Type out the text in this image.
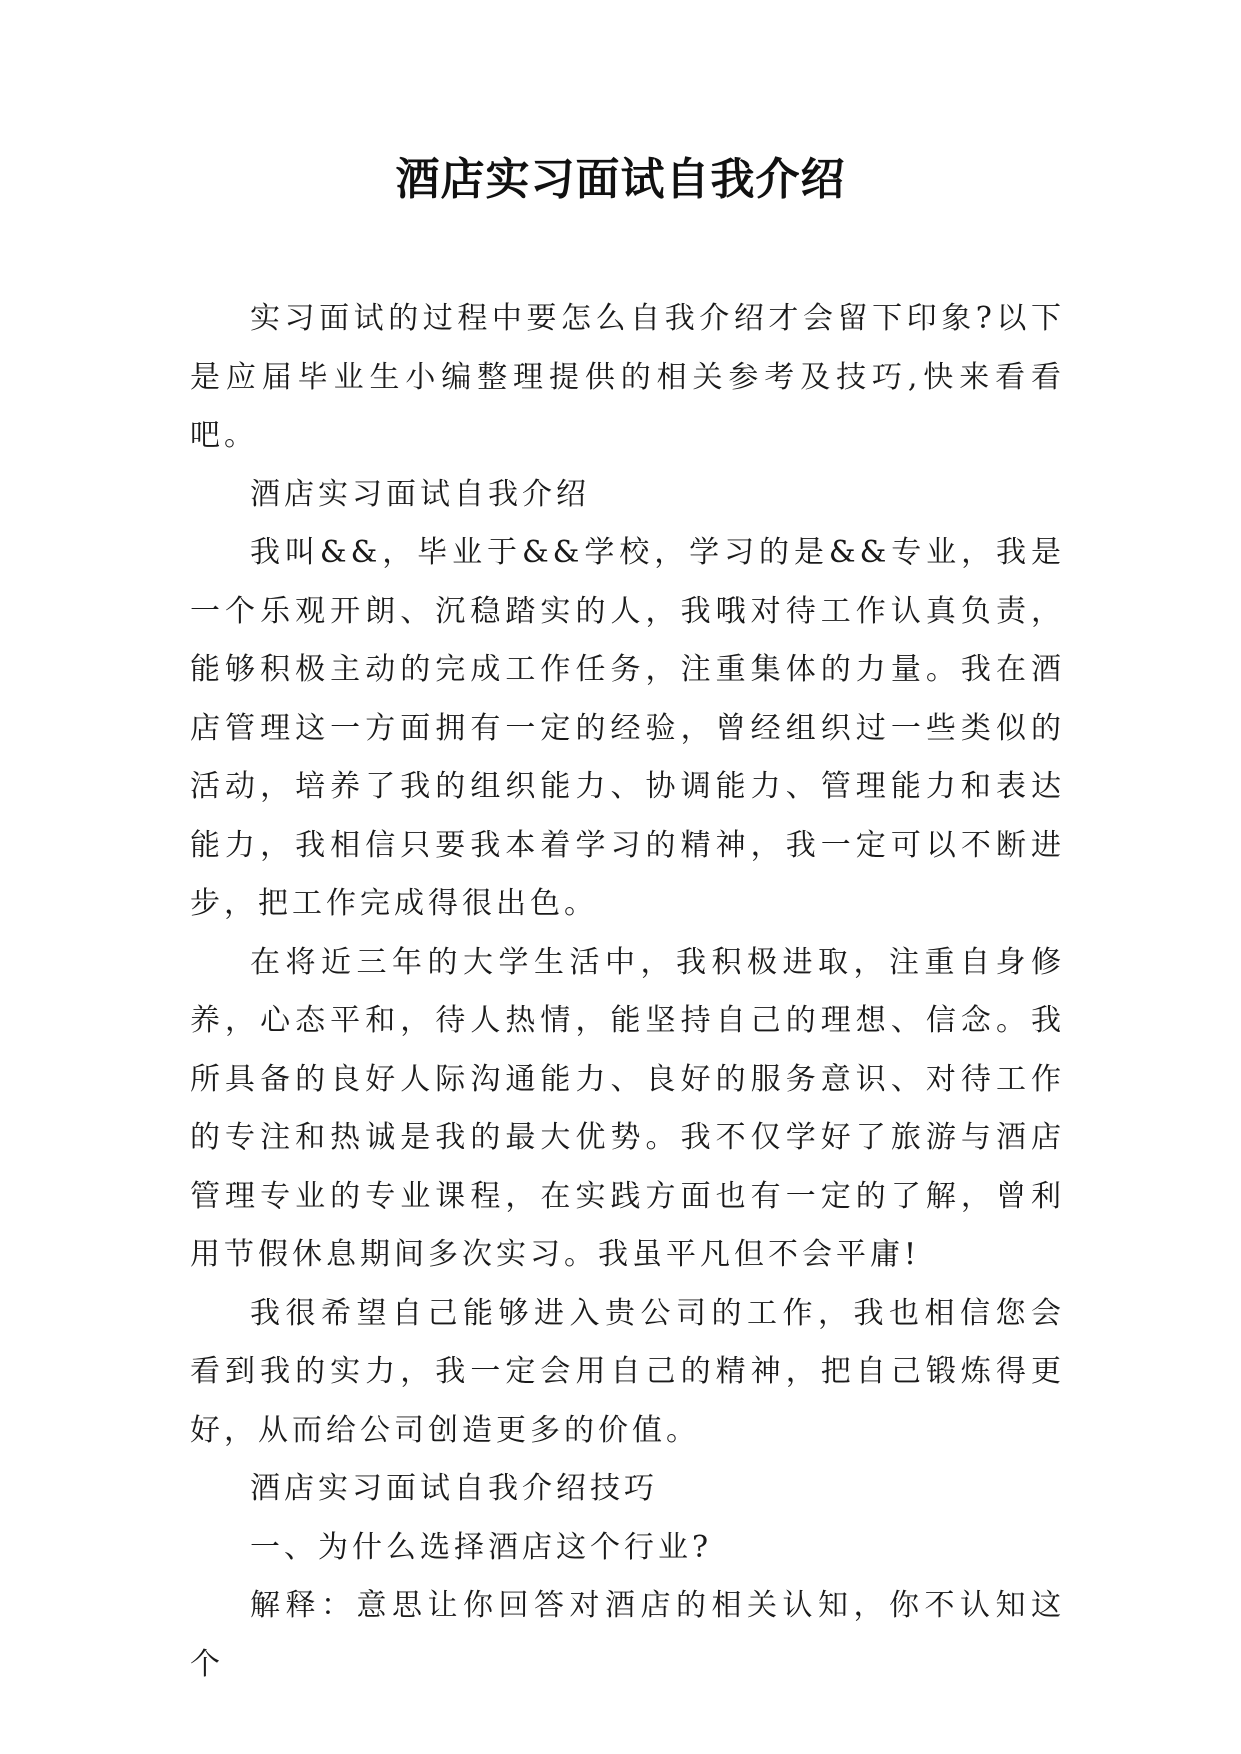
酒店实习面试自我介绍

实习面试的过程中要怎么自我介绍才会留下印象?以下是应届毕业生小编整理提供的相关参考及技巧,快来看看吧。

酒店实习面试自我介绍

我叫&&，毕业于&&学校，学习的是&&专业，我是一个乐观开朗、沉稳踏实的人，我哦对待工作认真负责，能够积极主动的完成工作任务，注重集体的力量。我在酒店管理这一方面拥有一定的经验，曾经组织过一些类似的活动，培养了我的组织能力、协调能力、管理能力和表达能力，我相信只要我本着学习的精神，我一定可以不断进步，把工作完成得很出色。

在将近三年的大学生活中，我积极进取，注重自身修养，心态平和，待人热情，能坚持自己的理想、信念。我所具备的良好人际沟通能力、良好的服务意识、对待工作的专注和热诚是我的最大优势。我不仅学好了旅游与酒店管理专业的专业课程，在实践方面也有一定的了解，曾利用节假休息期间多次实习。我虽平凡但不会平庸!

我很希望自己能够进入贵公司的工作，我也相信您会看到我的实力，我一定会用自己的精神，把自己锻炼得更好，从而给公司创造更多的价值。

酒店实习面试自我介绍技巧

一、为什么选择酒店这个行业?

解释：意思让你回答对酒店的相关认知，你不认知这个
